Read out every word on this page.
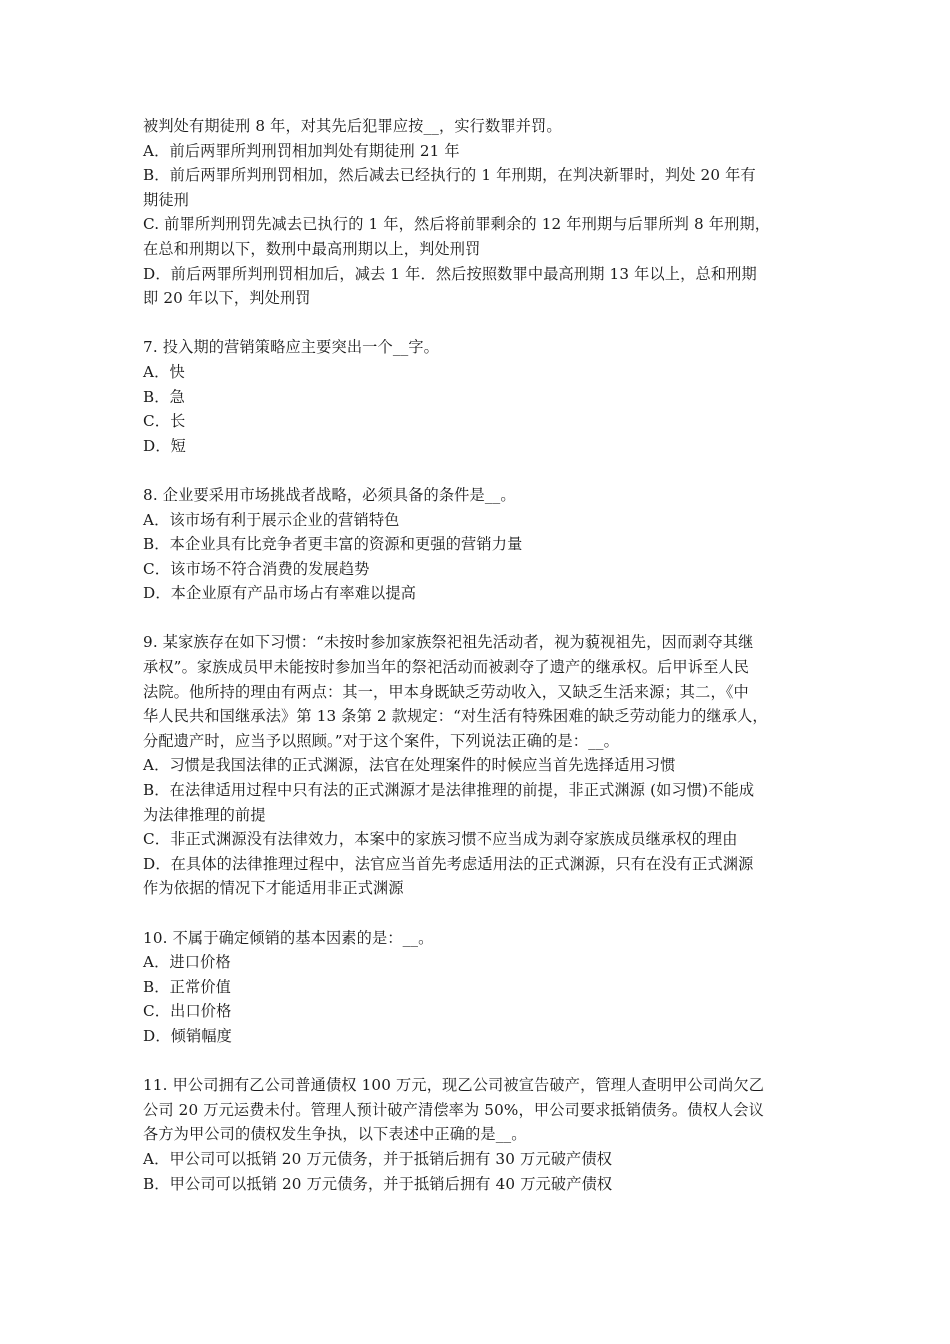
被判处有期徒刑 8 年，对其先后犯罪应按__，实行数罪并罚。
A．前后两罪所判刑罚相加判处有期徒刑 21 年
B．前后两罪所判刑罚相加，然后减去已经执行的 1 年刑期，在判决新罪时，判处 20 年有
期徒刑
C. 前罪所判刑罚先减去已执行的 1 年，然后将前罪剩余的 12 年刑期与后罪所判 8 年刑期，
在总和刑期以下，数刑中最高刑期以上，判处刑罚
D．前后两罪所判刑罚相加后，减去 1 年．然后按照数罪中最高刑期 13 年以上，总和刑期
即 20 年以下，判处刑罚
7. 投入期的营销策略应主要突出一个__字。
A．快
B．急
C．长
D．短
8. 企业要采用市场挑战者战略，必须具备的条件是__。
A．该市场有利于展示企业的营销特色
B．本企业具有比竞争者更丰富的资源和更强的营销力量
C．该市场不符合消费的发展趋势
D．本企业原有产品市场占有率难以提高
9. 某家族存在如下习惯：“未按时参加家族祭祀祖先活动者，视为藐视祖先，因而剥夺其继
承权”。家族成员甲未能按时参加当年的祭祀活动而被剥夺了遗产的继承权。后甲诉至人民
法院。他所持的理由有两点：其一，甲本身既缺乏劳动收入，又缺乏生活来源；其二，《中
华人民共和国继承法》第 13 条第 2 款规定：“对生活有特殊困难的缺乏劳动能力的继承人，
分配遗产时，应当予以照顾。”对于这个案件，下列说法正确的是：__。
A．习惯是我国法律的正式渊源，法官在处理案件的时候应当首先选择适用习惯
B．在法律适用过程中只有法的正式渊源才是法律推理的前提，非正式渊源 (如习惯)不能成
为法律推理的前提
C．非正式渊源没有法律效力，本案中的家族习惯不应当成为剥夺家族成员继承权的理由
D．在具体的法律推理过程中，法官应当首先考虑适用法的正式渊源，只有在没有正式渊源
作为依据的情况下才能适用非正式渊源
10. 不属于确定倾销的基本因素的是：__。
A．进口价格
B．正常价值
C．出口价格
D．倾销幅度
11. 甲公司拥有乙公司普通债权 100 万元，现乙公司被宣告破产，管理人查明甲公司尚欠乙
公司 20 万元运费未付。管理人预计破产清偿率为 50%，甲公司要求抵销债务。债权人会议
各方为甲公司的债权发生争执，以下表述中正确的是__。
A．甲公司可以抵销 20 万元债务，并于抵销后拥有 30 万元破产债权
B．甲公司可以抵销 20 万元债务，并于抵销后拥有 40 万元破产债权
